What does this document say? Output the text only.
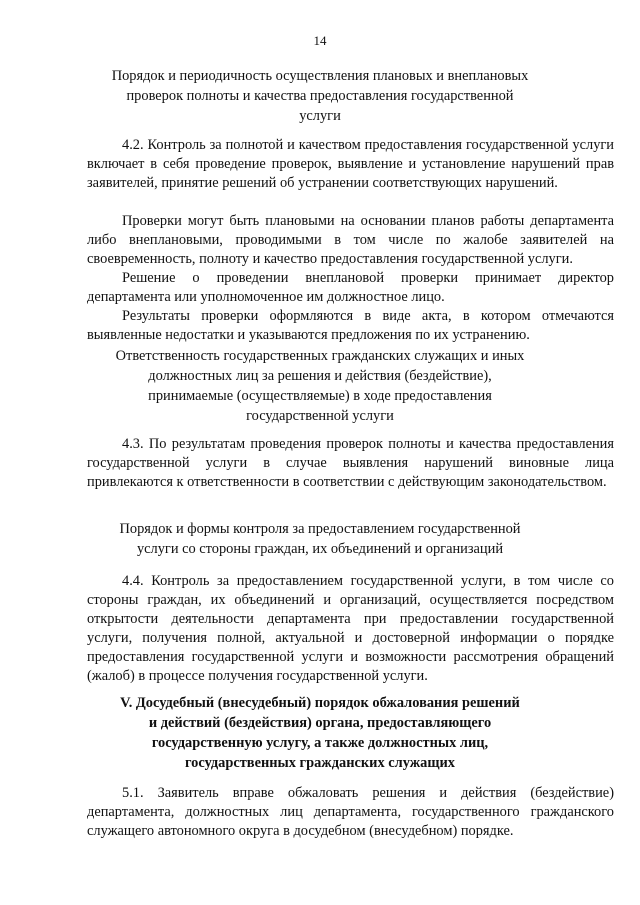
14
Порядок и периодичность осуществления плановых и внеплановых
проверок полноты и качества предоставления государственной
услуги
4.2. Контроль за полнотой и качеством предоставления государственной услуги включает в себя проведение проверок, выявление и установление нарушений прав заявителей, принятие решений об устранении соответствующих нарушений.
Проверки могут быть плановыми на основании планов работы департамента либо внеплановыми, проводимыми в том числе по жалобе заявителей на своевременность, полноту и качество предоставления государственной услуги.
Решение о проведении внеплановой проверки принимает директор департамента или уполномоченное им должностное лицо.
Результаты проверки оформляются в виде акта, в котором отмечаются выявленные недостатки и указываются предложения по их устранению.
Ответственность государственных гражданских служащих и иных
должностных лиц за решения и действия (бездействие),
принимаемые (осуществляемые) в ходе предоставления
государственной услуги
4.3. По результатам проведения проверок полноты и качества предоставления государственной услуги в случае выявления нарушений виновные лица привлекаются к ответственности в соответствии с действующим законодательством.
Порядок и формы контроля за предоставлением государственной
услуги со стороны граждан, их объединений и организаций
4.4. Контроль за предоставлением государственной услуги, в том числе со стороны граждан, их объединений и организаций, осуществляется посредством открытости деятельности департамента при предоставлении государственной услуги, получения полной, актуальной и достоверной информации о порядке предоставления государственной услуги и возможности рассмотрения обращений (жалоб) в процессе получения государственной услуги.
V. Досудебный (внесудебный) порядок обжалования решений
и действий (бездействия) органа, предоставляющего
государственную услугу, а также должностных лиц,
государственных гражданских служащих
5.1. Заявитель вправе обжаловать решения и действия (бездействие) департамента, должностных лиц департамента, государственного гражданского служащего автономного округа в досудебном (внесудебном) порядке.
